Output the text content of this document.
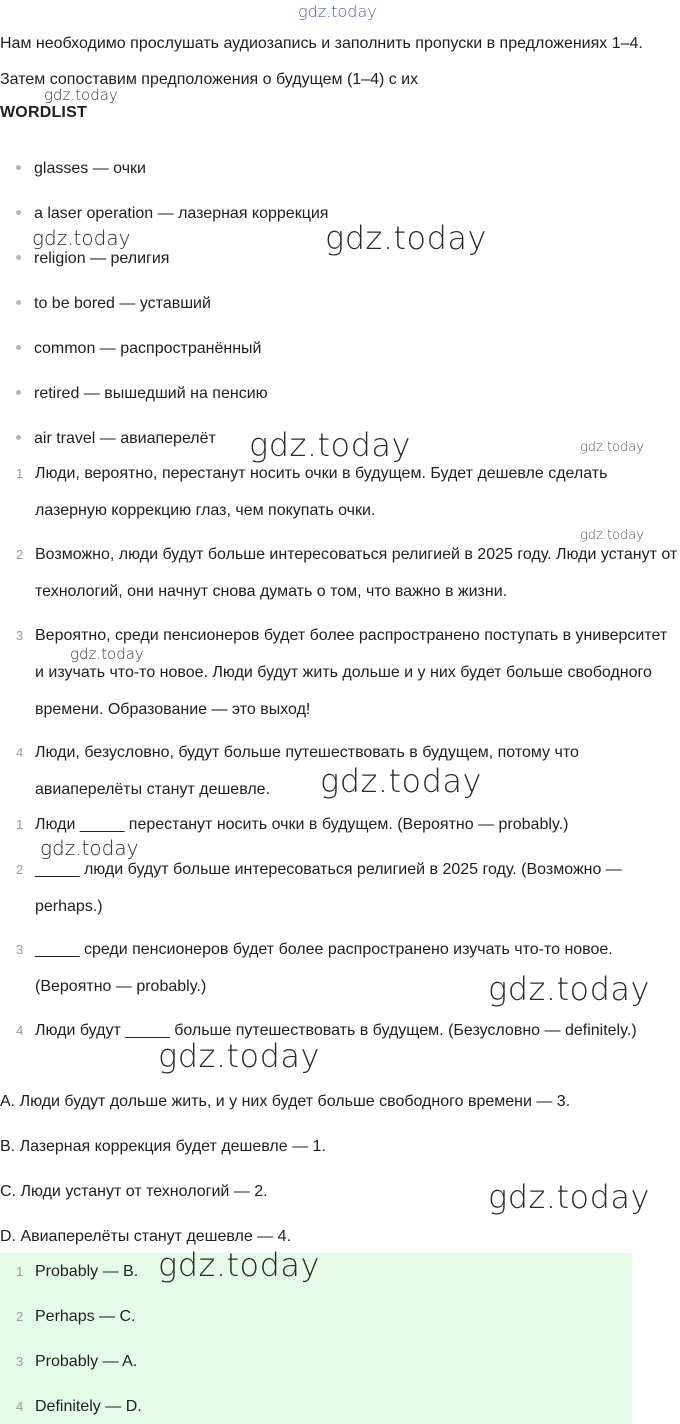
Нам необходимо прослушать аудиозапись и заполнить пропуски в предложениях 1–4. Затем сопоставим предположения о будущем (1–4) с их
WORDLIST
glasses — очки
a laser operation — лазерная коррекция
religion — религия
to be bored — уставший
common — распространённый
retired — вышедший на пенсию
air travel — авиаперелёт
1 Люди, вероятно, перестанут носить очки в будущем. Будет дешевле сделать лазерную коррекцию глаз, чем покупать очки.
2 Возможно, люди будут больше интересоваться религией в 2025 году. Люди устанут от технологий, они начнут снова думать о том, что важно в жизни.
3 Вероятно, среди пенсионеров будет более распространено поступать в университет и изучать что-то новое. Люди будут жить дольше и у них будет больше свободного времени. Образование — это выход!
4 Люди, безусловно, будут больше путешествовать в будущем, потому что авиаперелёты станут дешевле.
1 Люди _____ перестанут носить очки в будущем. (Вероятно — probably.)
2 _____ люди будут больше интересоваться религией в 2025 году. (Возможно — perhaps.)
3 _____ среди пенсионеров будет более распространено изучать что-то новое. (Вероятно — probably.)
4 Люди будут _____ больше путешествовать в будущем. (Безусловно — definitely.)
A. Люди будут дольше жить, и у них будет больше свободного времени — 3.
B. Лазерная коррекция будет дешевле — 1.
C. Люди устанут от технологий — 2.
D. Авиаперелёты станут дешевле — 4.
1 Probably — B.
2 Perhaps — C.
3 Probably — A.
4 Definitely — D.
gdz.today
gdz.today
gdz.today	gdz.today
gdz.today	gdz.today
gdz.today
gdz.today
gdz.today
gdz.today
gdz.today
gdz.today
gdz.today
gdz.today
